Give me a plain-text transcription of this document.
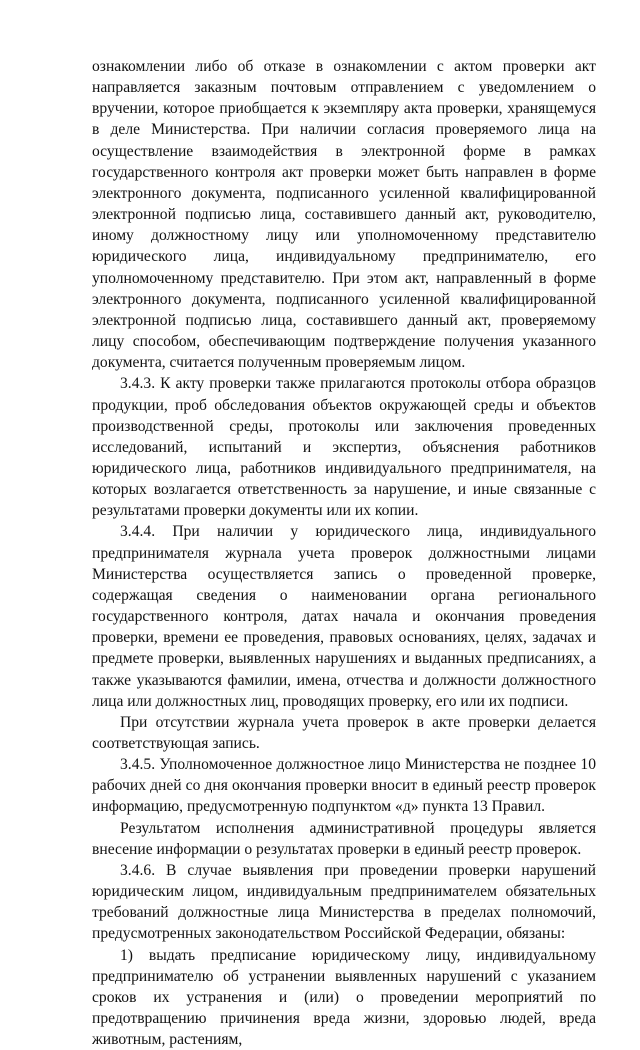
ознакомлении либо об отказе в ознакомлении с актом проверки акт направляется заказным почтовым отправлением с уведомлением о вручении, которое приобщается к экземпляру акта проверки, хранящемуся в деле Министерства. При наличии согласия проверяемого лица на осуществление взаимодействия в электронной форме в рамках государственного контроля акт проверки может быть направлен в форме электронного документа, подписанного усиленной квалифицированной электронной подписью лица, составившего данный акт, руководителю, иному должностному лицу или уполномоченному представителю юридического лица, индивидуальному предпринимателю, его уполномоченному представителю. При этом акт, направленный в форме электронного документа, подписанного усиленной квалифицированной электронной подписью лица, составившего данный акт, проверяемому лицу способом, обеспечивающим подтверждение получения указанного документа, считается полученным проверяемым лицом.

3.4.3. К акту проверки также прилагаются протоколы отбора образцов продукции, проб обследования объектов окружающей среды и объектов производственной среды, протоколы или заключения проведенных исследований, испытаний и экспертиз, объяснения работников юридического лица, работников индивидуального предпринимателя, на которых возлагается ответственность за нарушение, и иные связанные с результатами проверки документы или их копии.

3.4.4. При наличии у юридического лица, индивидуального предпринимателя журнала учета проверок должностными лицами Министерства осуществляется запись о проведенной проверке, содержащая сведения о наименовании органа регионального государственного контроля, датах начала и окончания проведения проверки, времени ее проведения, правовых основаниях, целях, задачах и предмете проверки, выявленных нарушениях и выданных предписаниях, а также указываются фамилии, имена, отчества и должности должностного лица или должностных лиц, проводящих проверку, его или их подписи.

При отсутствии журнала учета проверок в акте проверки делается соответствующая запись.

3.4.5. Уполномоченное должностное лицо Министерства не позднее 10 рабочих дней со дня окончания проверки вносит в единый реестр проверок информацию, предусмотренную подпунктом «д» пункта 13 Правил.

Результатом исполнения административной процедуры является внесение информации о результатах проверки в единый реестр проверок.

3.4.6. В случае выявления при проведении проверки нарушений юридическим лицом, индивидуальным предпринимателем обязательных требований должностные лица Министерства в пределах полномочий, предусмотренных законодательством Российской Федерации, обязаны:

1) выдать предписание юридическому лицу, индивидуальному предпринимателю об устранении выявленных нарушений с указанием сроков их устранения и (или) о проведении мероприятий по предотвращению причинения вреда жизни, здоровью людей, вреда животным, растениям,
